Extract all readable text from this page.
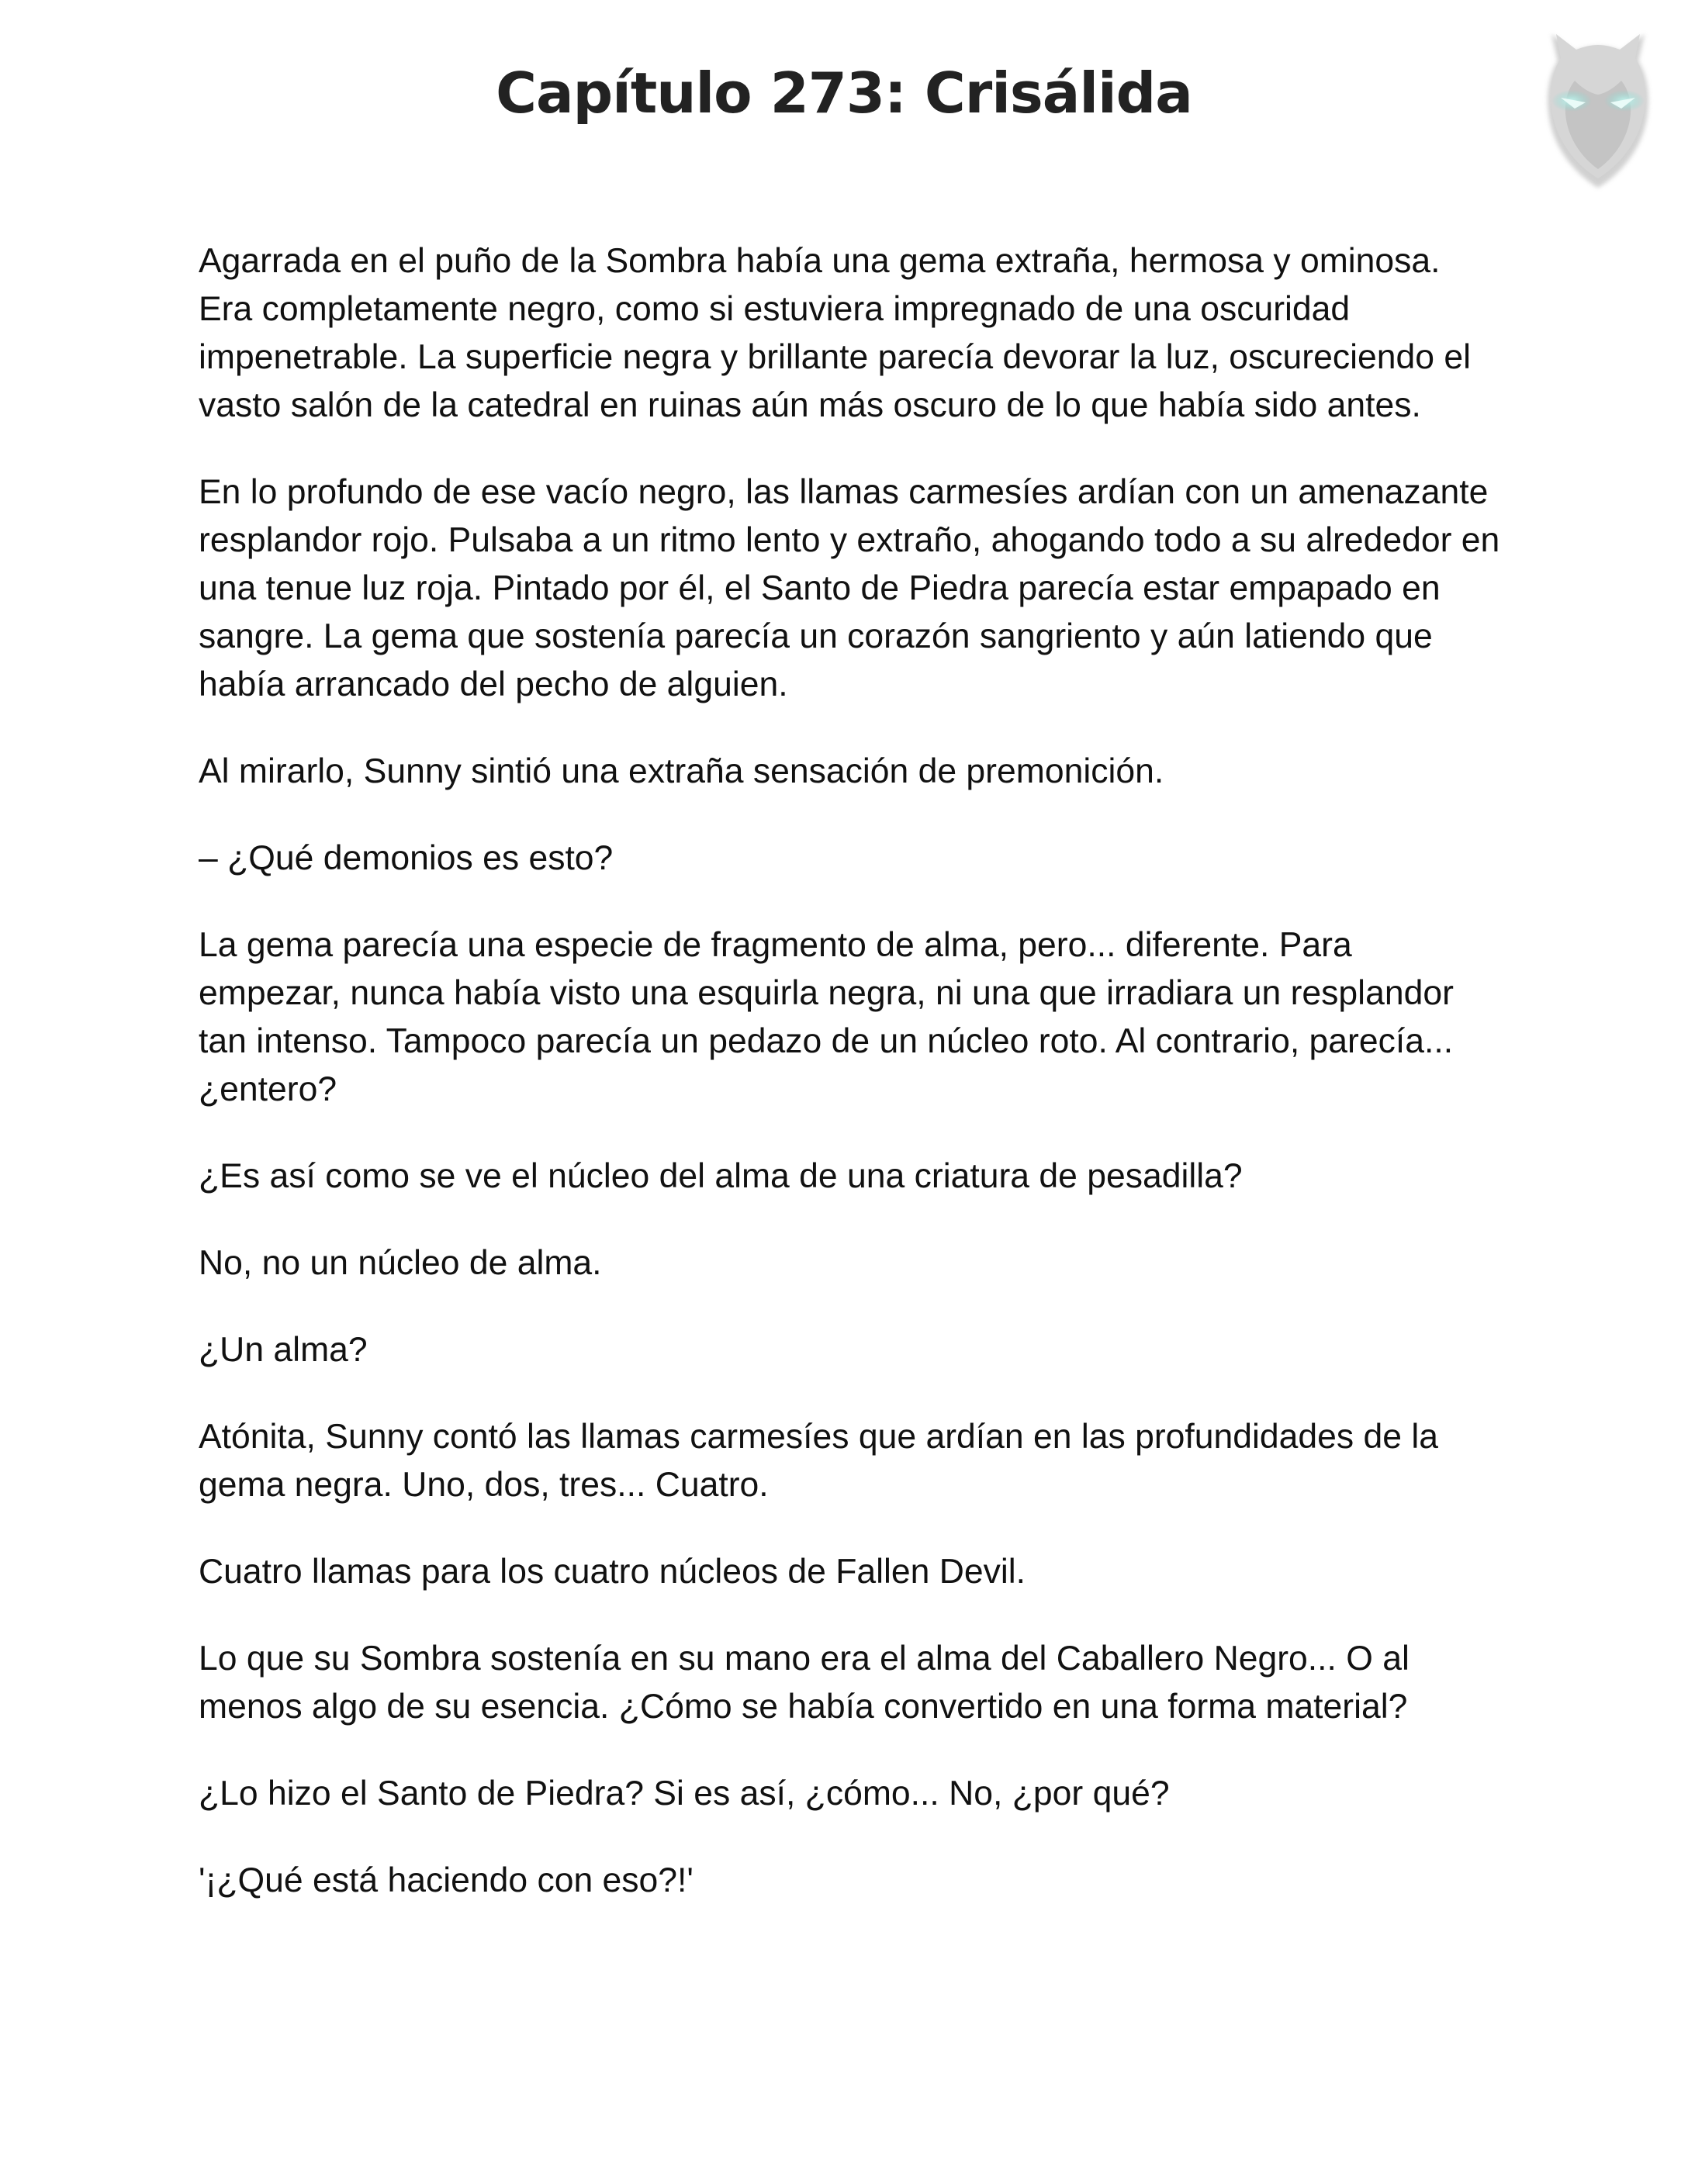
Capítulo 273: Crisálida

Agarrada en el puño de la Sombra había una gema extraña, hermosa y ominosa. Era completamente negro, como si estuviera impregnado de una oscuridad impenetrable. La superficie negra y brillante parecía devorar la luz, oscureciendo el vasto salón de la catedral en ruinas aún más oscuro de lo que había sido antes.

En lo profundo de ese vacío negro, las llamas carmesíes ardían con un amenazante resplandor rojo. Pulsaba a un ritmo lento y extraño, ahogando todo a su alrededor en una tenue luz roja. Pintado por él, el Santo de Piedra parecía estar empapado en sangre. La gema que sostenía parecía un corazón sangriento y aún latiendo que había arrancado del pecho de alguien.

Al mirarlo, Sunny sintió una extraña sensación de premonición.

– ¿Qué demonios es esto?

La gema parecía una especie de fragmento de alma, pero... diferente. Para empezar, nunca había visto una esquirla negra, ni una que irradiara un resplandor tan intenso. Tampoco parecía un pedazo de un núcleo roto. Al contrario, parecía... ¿entero?

¿Es así como se ve el núcleo del alma de una criatura de pesadilla?

No, no un núcleo de alma.

¿Un alma?

Atónita, Sunny contó las llamas carmesíes que ardían en las profundidades de la gema negra. Uno, dos, tres... Cuatro.

Cuatro llamas para los cuatro núcleos de Fallen Devil.

Lo que su Sombra sostenía en su mano era el alma del Caballero Negro... O al menos algo de su esencia. ¿Cómo se había convertido en una forma material?

¿Lo hizo el Santo de Piedra? Si es así, ¿cómo... No, ¿por qué?

'¡¿Qué está haciendo con eso?!'
